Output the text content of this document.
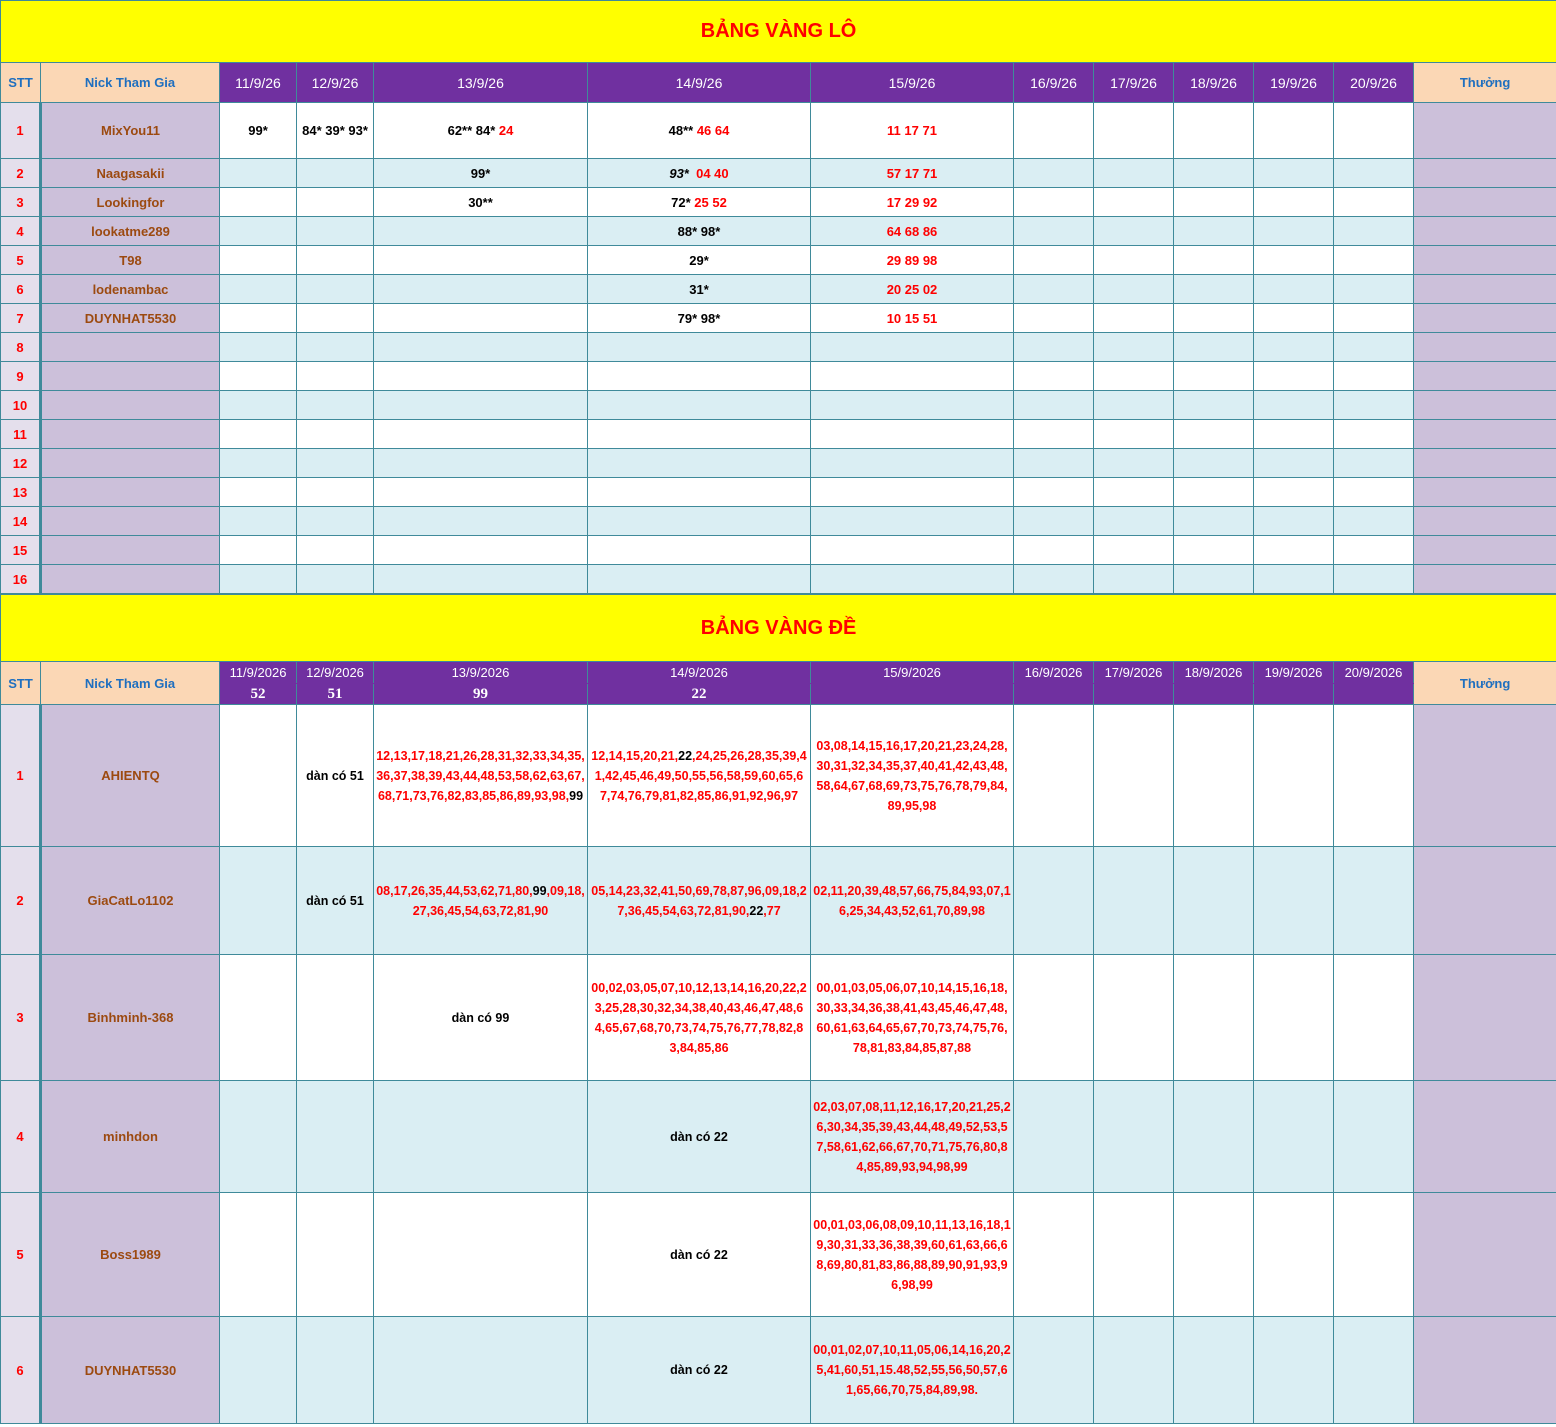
BẢNG VÀNG LÔ												
STT	Nick Tham Gia	11/9/26	12/9/26	13/9/26	14/9/26	15/9/26	16/9/26	17/9/26	18/9/26	19/9/26	20/9/26	Thưởng
1	MixYou11	99*	84* 39* 93*	62** 84* 24	48** 46 64	11 17 71						
2	Naagasakii			99*	93*  04 40	57 17 71						
3	Lookingfor			30**	72* 25 52	17 29 92						
4	lookatme289				88* 98*	64 68 86						
5	T98				29*	29 89 98						
6	lodenambac				31*	20 25 02						
7	DUYNHAT5530				79* 98*	10 15 51						
8												
9												
10												
11												
12												
13												
14												
15												
16												
BẢNG VÀNG ĐỀ												
STT	Nick Tham Gia	11/9/2026	12/9/2026	13/9/2026	14/9/2026	15/9/2026	16/9/2026	17/9/2026	18/9/2026	19/9/2026	20/9/2026	Thưởng
		52	51	99	22							
1	AHIENTQ		dàn có 51	12,13,17,18,21,26,28,31,32,33,34,35,36,37,38,39,43,44,48,53,58,62,63,67,68,71,73,76,82,83,85,86,89,93,98,99	12,14,15,20,21,22,24,25,26,28,35,39,41,42,45,46,49,50,55,56,58,59,60,65,67,74,76,79,81,82,85,86,91,92,96,97	03,08,14,15,16,17,20,21,23,24,28,30,31,32,34,35,37,40,41,42,43,48,58,64,67,68,69,73,75,76,78,79,84,89,95,98						
2	GiaCatLo1102		dàn có 51	08,17,26,35,44,53,62,71,80,99,09,18,27,36,45,54,63,72,81,90	05,14,23,32,41,50,69,78,87,96,09,18,27,36,45,54,63,72,81,90,22,77	02,11,20,39,48,57,66,75,84,93,07,16,25,34,43,52,61,70,89,98						
3	Binhminh-368			dàn có 99	00,02,03,05,07,10,12,13,14,16,20,22,23,25,28,30,32,34,38,40,43,46,47,48,64,65,67,68,70,73,74,75,76,77,78,82,83,84,85,86	00,01,03,05,06,07,10,14,15,16,18,30,33,34,36,38,41,43,45,46,47,48,60,61,63,64,65,67,70,73,74,75,76,78,81,83,84,85,87,88						
4	minhdon				dàn có 22	02,03,07,08,11,12,16,17,20,21,25,26,30,34,35,39,43,44,48,49,52,53,57,58,61,62,66,67,70,71,75,76,80,84,85,89,93,94,98,99						
5	Boss1989				dàn có 22	00,01,03,06,08,09,10,11,13,16,18,19,30,31,33,36,38,39,60,61,63,66,68,69,80,81,83,86,88,89,90,91,93,96,98,99						
6	DUYNHAT5530				dàn có 22	00,01,02,07,10,11,05,06,14,16,20,25,41,60,51,15.48,52,55,56,50,57,61,65,66,70,75,84,89,98.						
